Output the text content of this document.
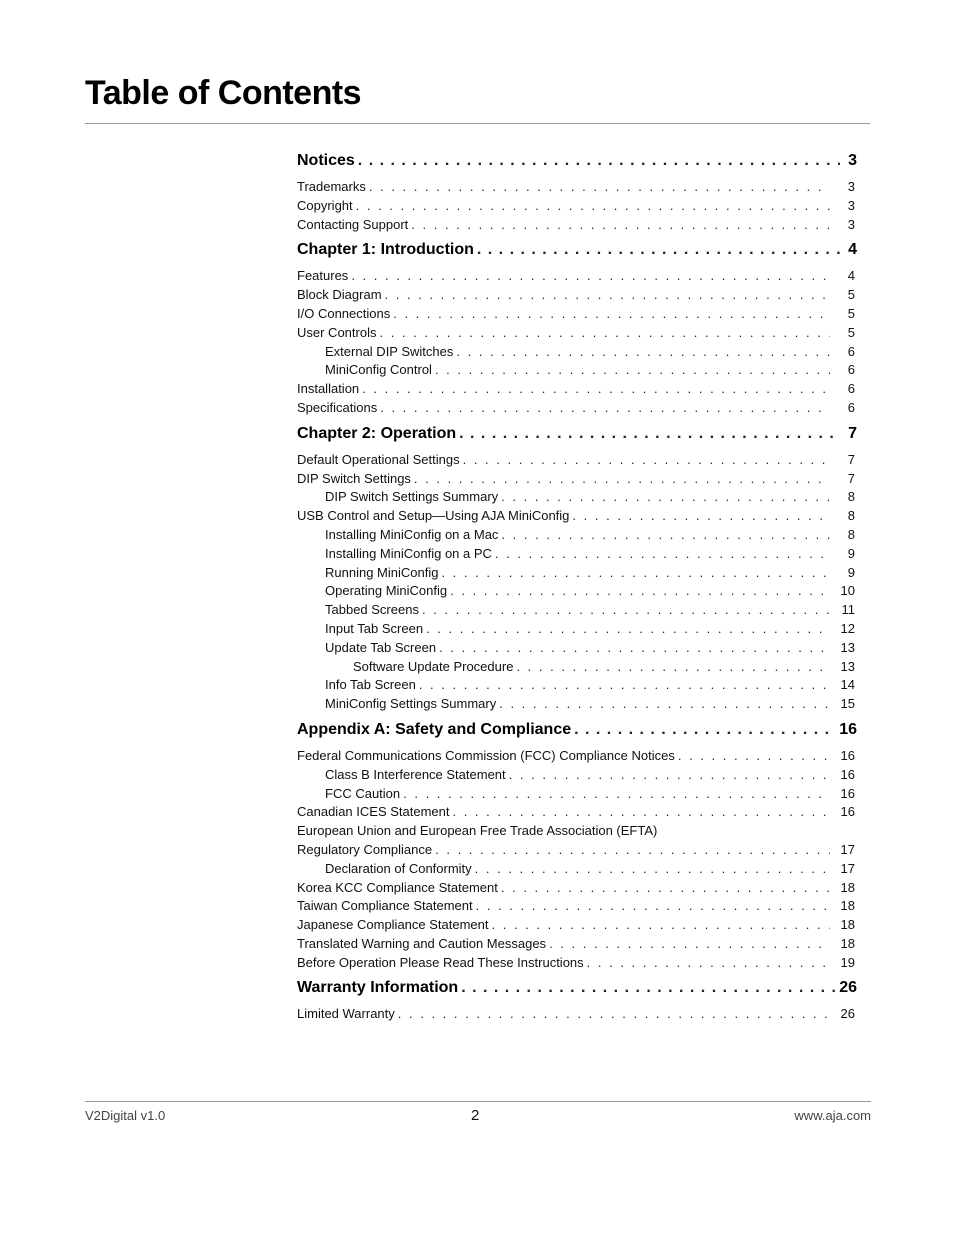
Table of Contents
Notices . . .	3
Trademarks . . .	3
Copyright . . .	3
Contacting Support . . .	3
Chapter 1: Introduction . . .	4
Features . . .	4
Block Diagram . . .	5
I/O Connections . . .	5
User Controls . . .	5
External DIP Switches . . .	6
MiniConfig Control . . .	6
Installation . . .	6
Specifications . . .	6
Chapter 2: Operation . . .	7
Default Operational Settings . . .	7
DIP Switch Settings . . .	7
DIP Switch Settings Summary . . .	8
USB Control and Setup—Using AJA MiniConfig . . .	8
Installing MiniConfig on a Mac . . .	8
Installing MiniConfig on a PC . . .	9
Running MiniConfig . . .	9
Operating MiniConfig . . .	10
Tabbed Screens . . .	11
Input Tab Screen . . .	12
Update Tab Screen . . .	13
Software Update Procedure . . .	13
Info Tab Screen . . .	14
MiniConfig Settings Summary . . .	15
Appendix A: Safety and Compliance . . .	16
Federal Communications Commission (FCC) Compliance Notices . . .	16
Class B Interference Statement . . .	16
FCC Caution . . .	16
Canadian ICES Statement . . .	16
European Union and European Free Trade Association (EFTA)
Regulatory Compliance . . .	17
Declaration of Conformity . . .	17
Korea KCC Compliance Statement . . .	18
Taiwan Compliance Statement . . .	18
Japanese Compliance Statement . . .	18
Translated Warning and Caution Messages . . .	18
Before Operation Please Read These Instructions . . .	19
Warranty Information . . .	26
Limited Warranty . . .	26
V2Digital v1.0	2	www.aja.com
